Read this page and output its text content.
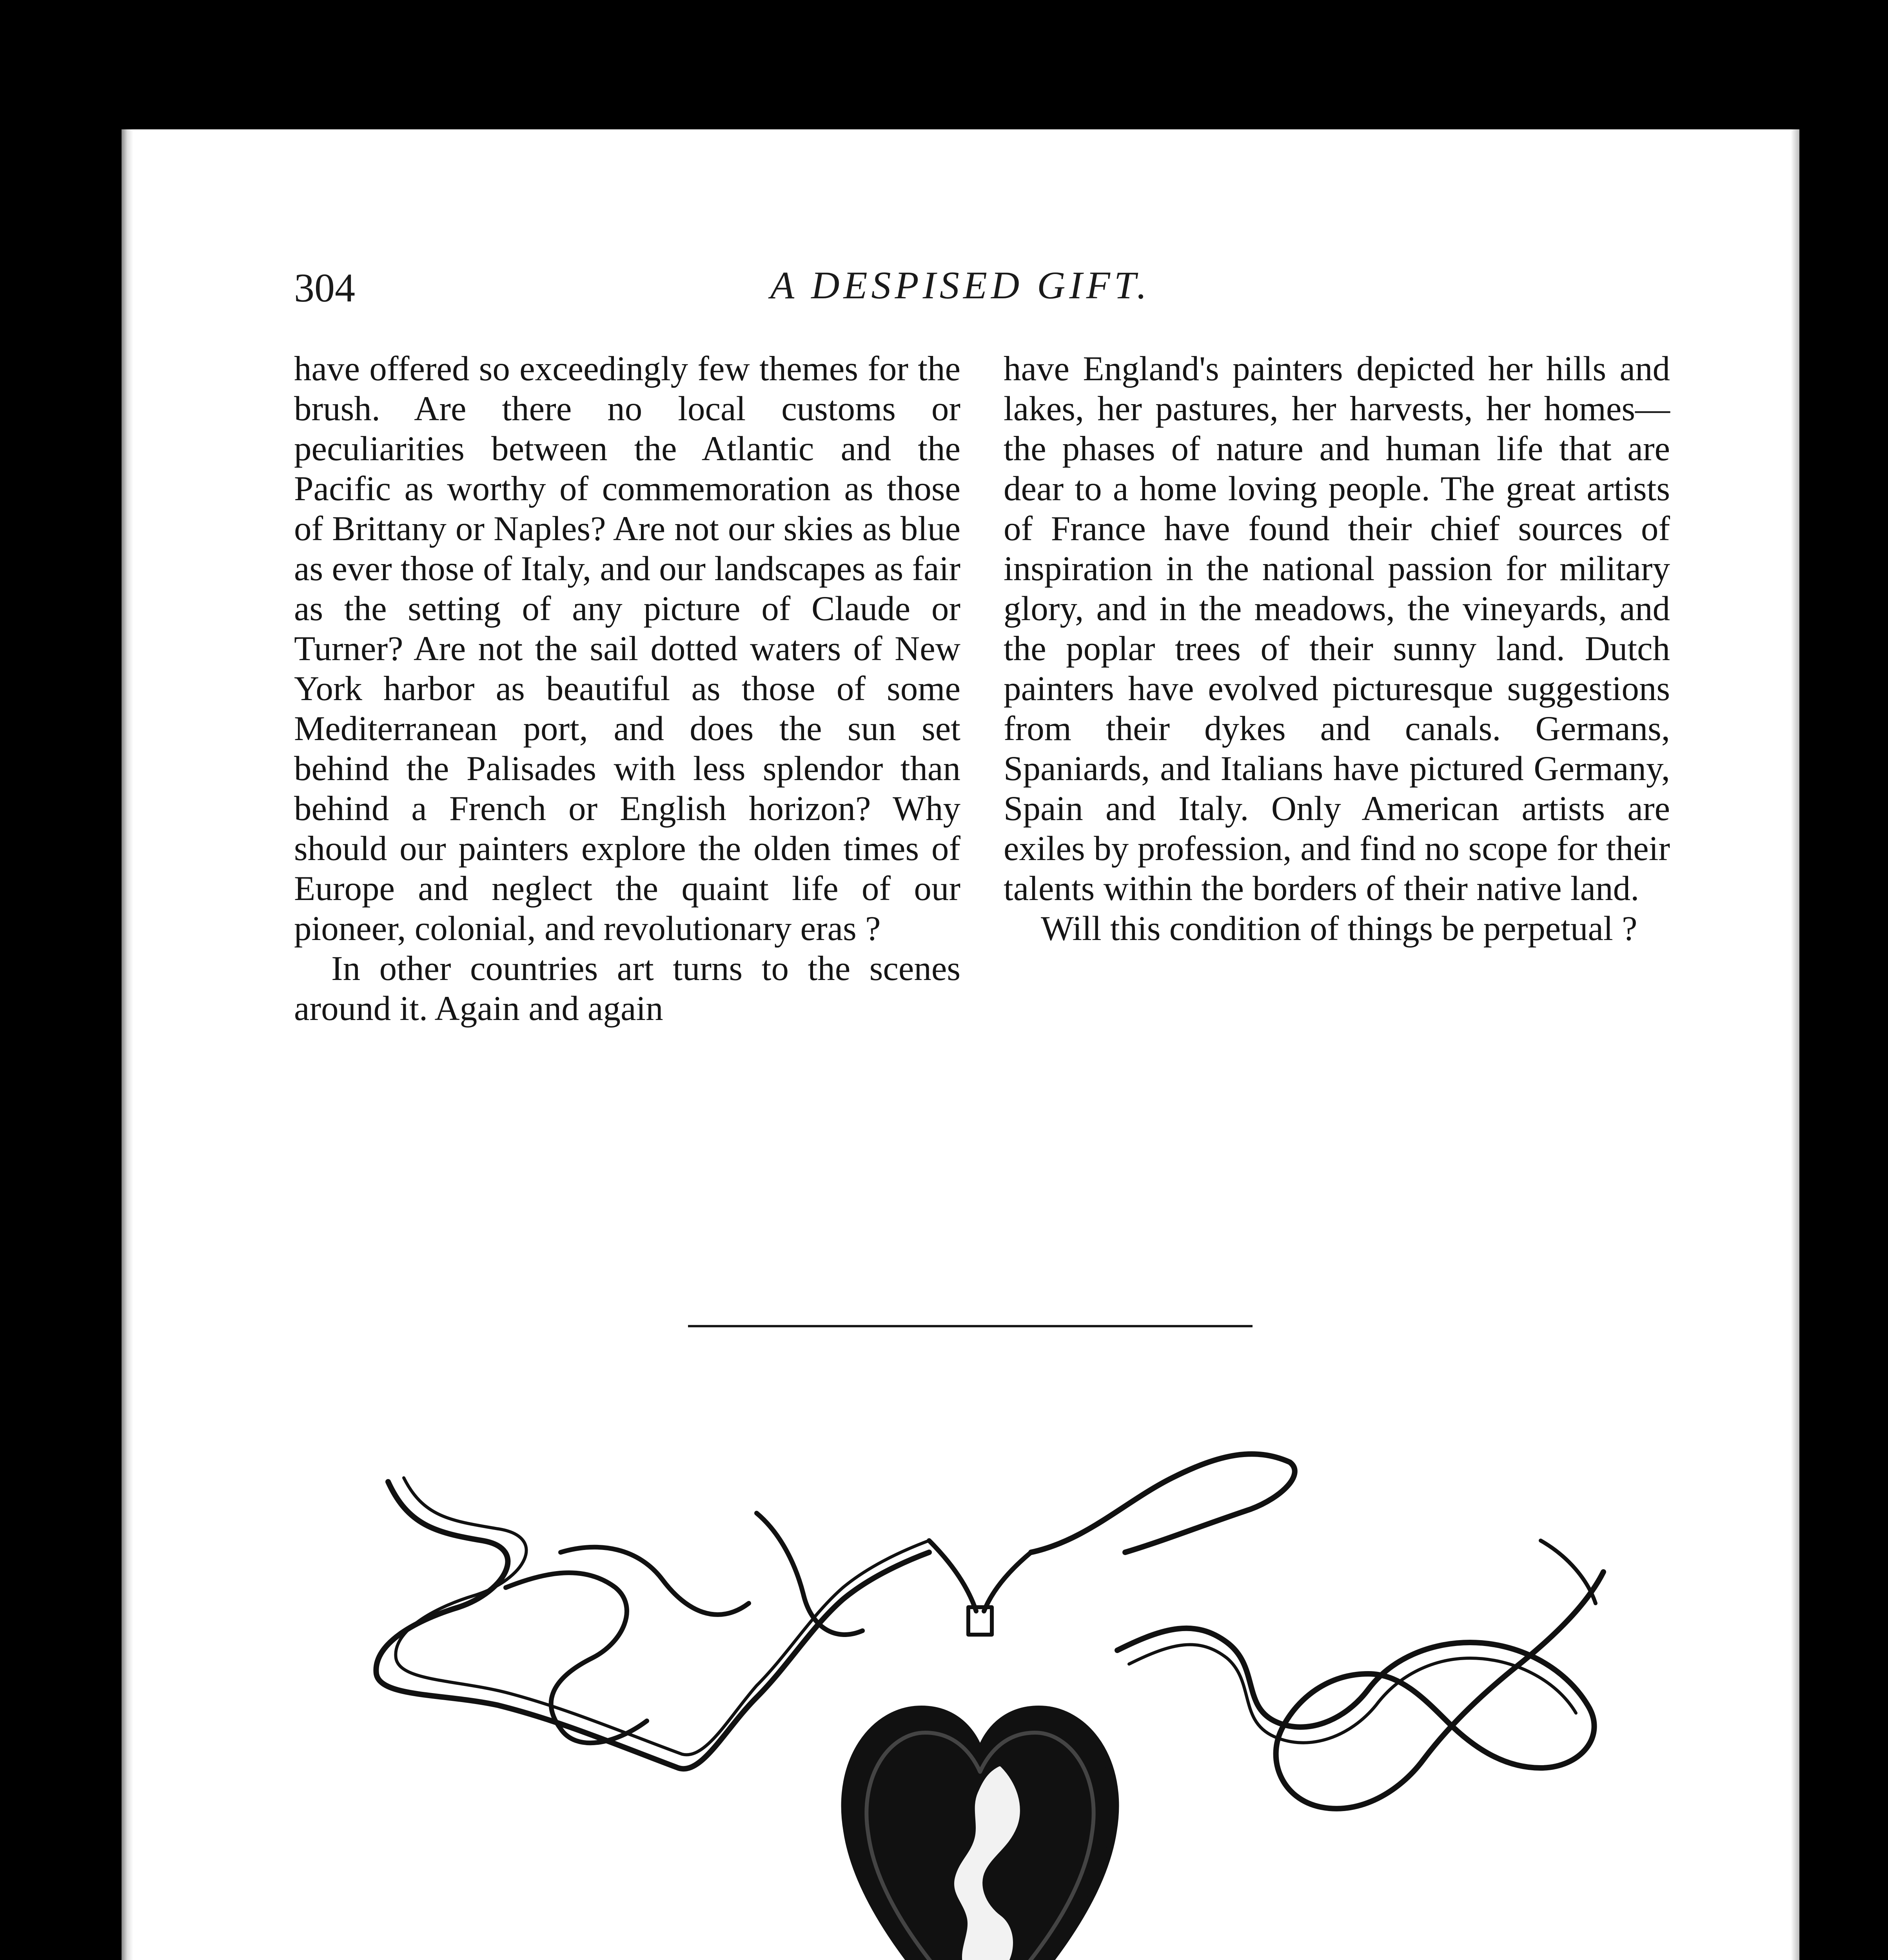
304	A DESPISED GIFT.

have offered so exceedingly few themes for the brush. Are there no local customs or peculiarities between the Atlantic and the Pacific as worthy of commemoration as those of Brittany or Naples? Are not our skies as blue as ever those of Italy, and our landscapes as fair as the setting of any picture of Claude or Turner? Are not the sail dotted waters of New York harbor as beautiful as those of some Mediterranean port, and does the sun set behind the Palisades with less splendor than behind a French or English horizon? Why should our painters explore the olden times of Europe and neglect the quaint life of our pioneer, colonial, and revolutionary eras ?

In other countries art turns to the scenes around it. Again and again

have England's painters depicted her hills and lakes, her pastures, her harvests, her homes—the phases of nature and human life that are dear to a home loving people. The great artists of France have found their chief sources of inspiration in the national passion for military glory, and in the meadows, the vineyards, and the poplar trees of their sunny land. Dutch painters have evolved picturesque suggestions from their dykes and canals. Germans, Spaniards, and Italians have pictured Germany, Spain and Italy. Only American artists are exiles by profession, and find no scope for their talents within the borders of their native land.

Will this condition of things be perpetual ?
